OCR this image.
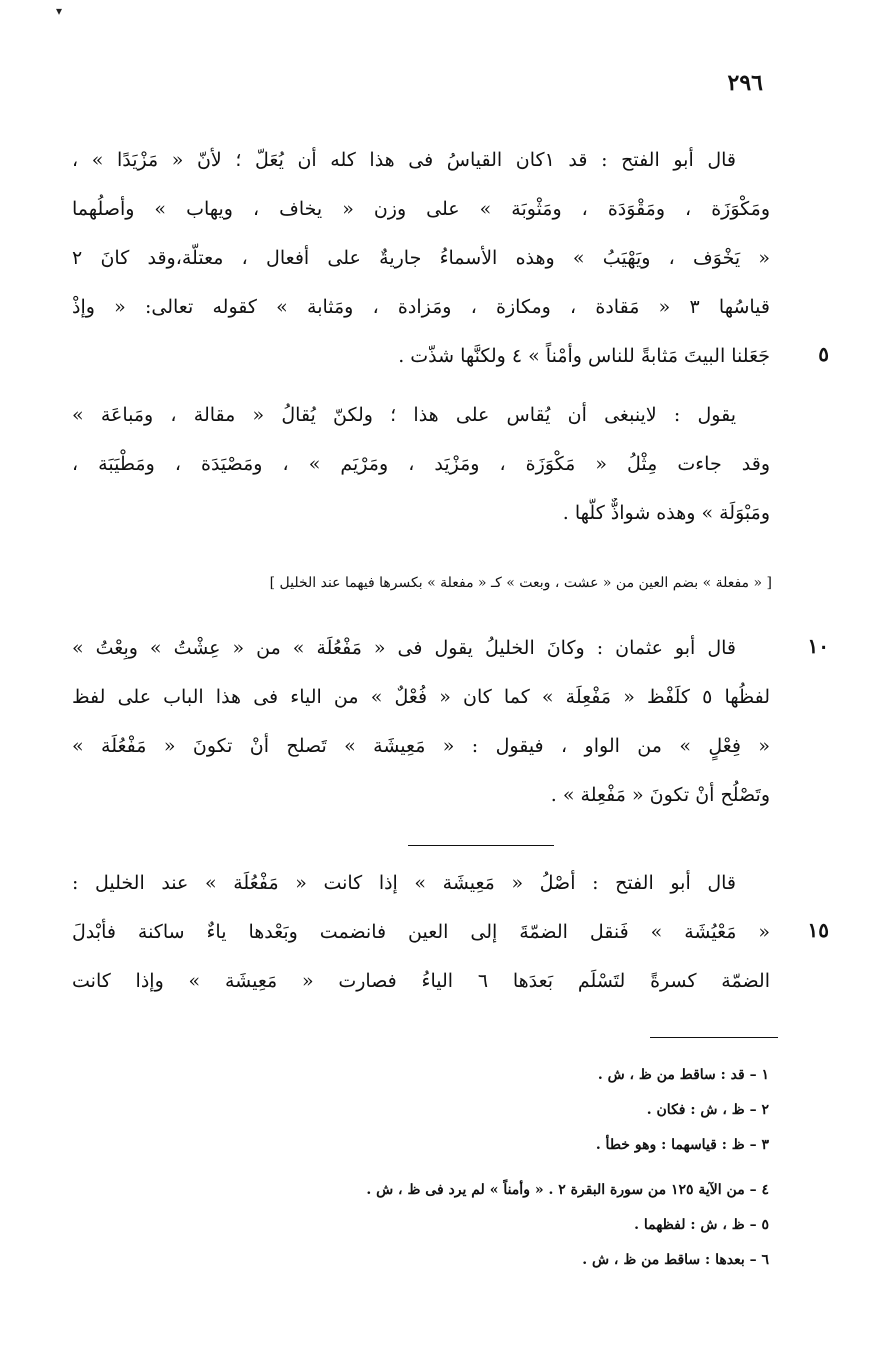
▾
٢٩٦
قال أبو الفتح : قد ١كان القياسُ فى هذا كله أن يُعَلّ ؛ لأنّ « مَزْيَدًا » ،
ومَكْوَزَة ، ومَقْوَدَة ، ومَثْوبَة » على وزن « يخاف ، ويهاب » وأصلُهما
« يَخْوَف ، ويَهْيَبُ » وهذه الأسماءُ جاريةٌ على أفعال ، معتلّة،وقد كانَ ٢
قياسُها ٣ « مَقادة ، ومكازة ، ومَزادة ، ومَثابة » كقوله تعالى: « وإذْ
جَعَلنا البيتَ مَثابةً للناس وأمْناً » ٤ ولكنَّها شذّت . ٥
يقول : لاينبغى أن يُقاس على هذا ؛ ولكنّ يُقالُ « مقالة ، ومَباعَة »
وقد جاءت مِثْلُ « مَكْوَزَة ، ومَزْيَد ، ومَرْيَم » ، ومَصْيَدَة ، ومَطْيَبَة ،
ومَبْوَلَة » وهذه شواذٌّ كلُّها .
[ « مفعلة » بضم العين من « عشت ، وبعت » كـ « مفعلة » بكسرها فيهما عند الخليل ]
قال أبو عثمان : وكانَ الخليلُ يقول فى « مَفْعُلَة » من « عِشْتُ » وبِعْتُ »	١٠
لفظُها ٥ كلَفْظ « مَفْعِلَة » كما كان « فُعْلٌ » من الياء فى هذا الباب على لفظ
« فِعْلٍ » من الواو ، فيقول : « مَعِيشَة » تَصلح أنْ تكونَ « مَفْعُلَة »
وتَصْلُح أنْ تكونَ « مَفْعِلة » .
قال أبو الفتح : أصْلُ « مَعِيشَة » إذا كانت « مَفْعُلَة » عند الخليل :
« مَعْيُشَة » فَنقل الضمّةَ إلى العين فانضمت وبَعْدها ياءٌ ساكنة فأبْدلَ ١٥
الضمّة كسرةً لتَسْلَم بَعدَها ٦ الياءُ فصارت « مَعِيشَة » وإذا كانت
١ – قد : ساقط من ظ ، ش .
٢ – ظ ، ش : فكان .
٣ – ظ : قياسهما : وهو خطأ .
٤ – من الآية ١٢٥ من سورة البقرة ٢ . « وأمناً » لم يرد فى ظ ، ش .
٥ – ظ ، ش : لفظهما .
٦ – بعدها : ساقط من ظ ، ش .
